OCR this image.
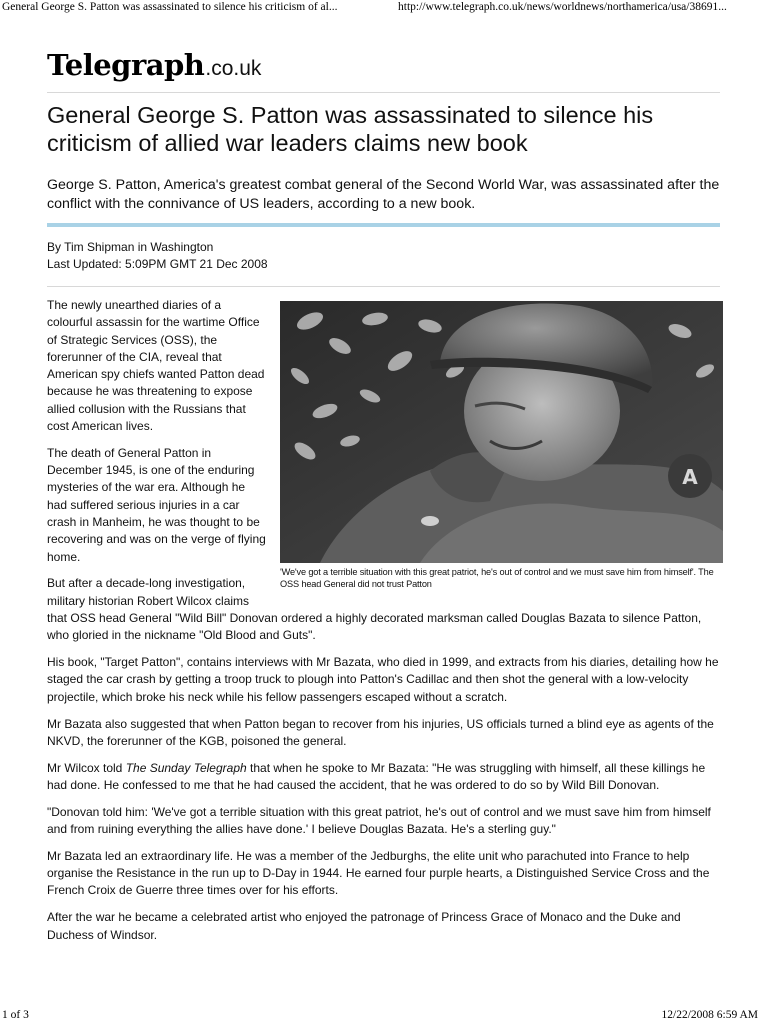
General George S. Patton was assassinated to silence his criticism of al...	http://www.telegraph.co.uk/news/worldnews/northamerica/usa/38691...
Telegraph.co.uk
General George S. Patton was assassinated to silence his criticism of allied war leaders claims new book

George S. Patton, America's greatest combat general of the Second World War, was assassinated after the conflict with the connivance of US leaders, according to a new book.

By Tim Shipman in Washington
Last Updated: 5:09PM GMT 21 Dec 2008
A
'We've got a terrible situation with this great patriot, he's out of control and we must save him from himself'. The OSS head General did not trust Patton

The newly unearthed diaries of a colourful assassin for the wartime Office of Strategic Services (OSS), the forerunner of the CIA, reveal that American spy chiefs wanted Patton dead because he was threatening to expose allied collusion with the Russians that cost American lives.

The death of General Patton in December 1945, is one of the enduring mysteries of the war era. Although he had suffered serious injuries in a car crash in Manheim, he was thought to be recovering and was on the verge of flying home.

But after a decade-long investigation, military historian Robert Wilcox claims that OSS head General "Wild Bill" Donovan ordered a highly decorated marksman called Douglas Bazata to silence Patton, who gloried in the nickname "Old Blood and Guts".

His book, "Target Patton", contains interviews with Mr Bazata, who died in 1999, and extracts from his diaries, detailing how he staged the car crash by getting a troop truck to plough into Patton's Cadillac and then shot the general with a low-velocity projectile, which broke his neck while his fellow passengers escaped without a scratch.

Mr Bazata also suggested that when Patton began to recover from his injuries, US officials turned a blind eye as agents of the NKVD, the forerunner of the KGB, poisoned the general.

Mr Wilcox told The Sunday Telegraph that when he spoke to Mr Bazata: "He was struggling with himself, all these killings he had done. He confessed to me that he had caused the accident, that he was ordered to do so by Wild Bill Donovan.

"Donovan told him: 'We've got a terrible situation with this great patriot, he's out of control and we must save him from himself and from ruining everything the allies have done.' I believe Douglas Bazata. He's a sterling guy."

Mr Bazata led an extraordinary life. He was a member of the Jedburghs, the elite unit who parachuted into France to help organise the Resistance in the run up to D-Day in 1944. He earned four purple hearts, a Distinguished Service Cross and the French Croix de Guerre three times over for his efforts.

After the war he became a celebrated artist who enjoyed the patronage of Princess Grace of Monaco and the Duke and Duchess of Windsor.

1 of 3	12/22/2008 6:59 AM
